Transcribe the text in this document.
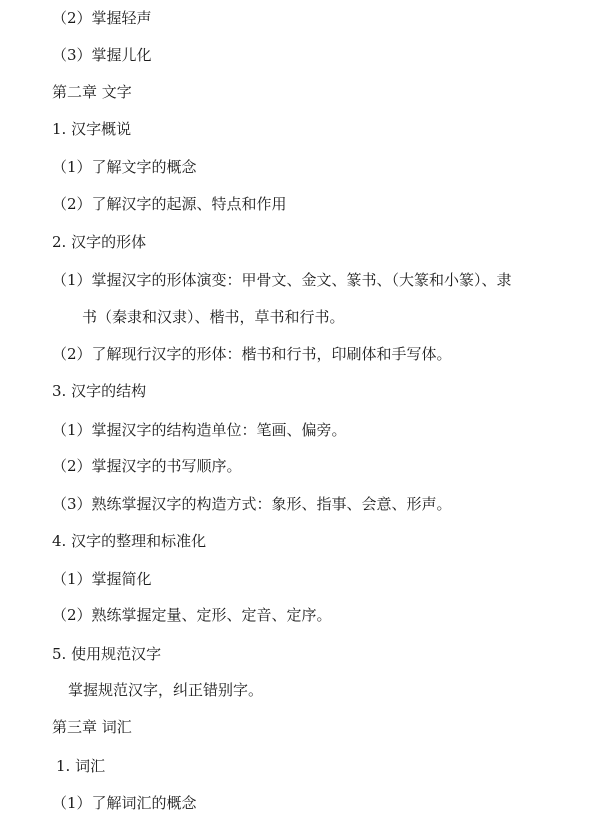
（2）掌握轻声
（3）掌握儿化
第二章 文字
1. 汉字概说
（1）了解文字的概念
（2）了解汉字的起源、特点和作用
2. 汉字的形体
（1）掌握汉字的形体演变：甲骨文、金文、篆书、（大篆和小篆）、隶
书（秦隶和汉隶）、楷书，草书和行书。
（2）了解现行汉字的形体：楷书和行书，印刷体和手写体。
3. 汉字的结构
（1）掌握汉字的结构造单位：笔画、偏旁。
（2）掌握汉字的书写顺序。
（3）熟练掌握汉字的构造方式：象形、指事、会意、形声。
4. 汉字的整理和标准化
（1）掌握简化
（2）熟练掌握定量、定形、定音、定序。
5. 使用规范汉字
掌握规范汉字，纠正错别字。
第三章 词汇
1. 词汇
（1）了解词汇的概念
